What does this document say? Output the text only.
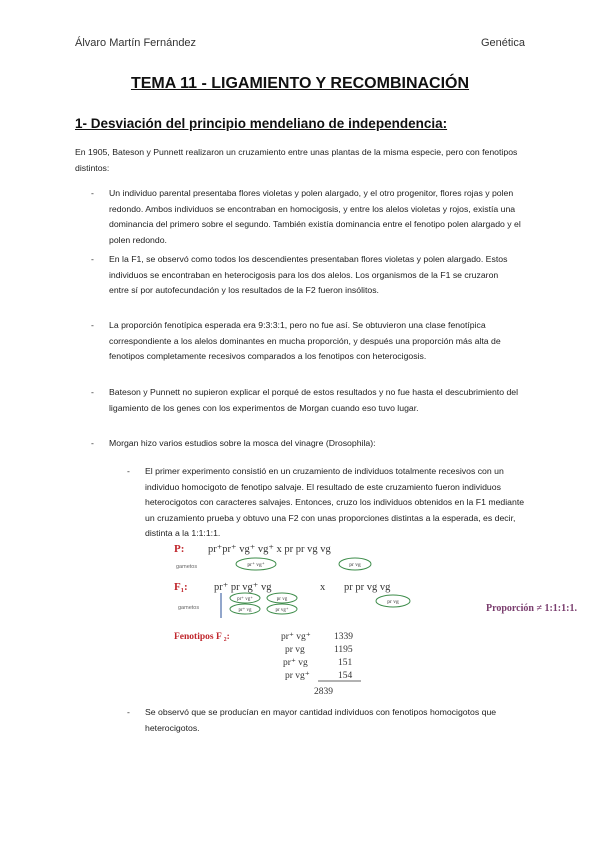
Álvaro Martín Fernández	Genética
TEMA 11 - LIGAMIENTO Y RECOMBINACIÓN
1- Desviación del principio mendeliano de independencia:
En 1905, Bateson y Punnett realizaron un cruzamiento entre unas plantas de la misma especie, pero con fenotipos distintos:
- Un individuo parental presentaba flores violetas y polen alargado, y el otro progenitor, flores rojas y polen redondo. Ambos individuos se encontraban en homocigosis, y entre los alelos violetas y rojos, existía una dominancia del primero sobre el segundo. También existía dominancia entre el fenotipo polen alargado y el polen redondo.
- En la F1, se observó como todos los descendientes presentaban flores violetas y polen alargado. Estos individuos se encontraban en heterocigosis para los dos alelos. Los organismos de la F1 se cruzaron entre sí por autofecundación y los resultados de la F2 fueron insólitos.
- La proporción fenotípica esperada era 9:3:3:1, pero no fue así. Se obtuvieron una clase fenotípica correspondiente a los alelos dominantes en mucha proporción, y después una proporción más alta de fenotipos completamente recesivos comparados a los fenotipos con heterocigosis.
- Bateson y Punnett no supieron explicar el porqué de estos resultados y no fue hasta el descubrimiento del ligamiento de los genes con los experimentos de Morgan cuando eso tuvo lugar.
- Morgan hizo varios estudios sobre la mosca del vinagre (Drosophila):
- El primer experimento consistió en un cruzamiento de individuos totalmente recesivos con un individuo homocigoto de fenotipo salvaje. El resultado de este cruzamiento fueron individuos heterocigotos con caracteres salvajes. Entonces, cruzo los individuos obtenidos en la F1 mediante un cruzamiento prueba y obtuvo una F2 con unas proporciones distintas a la esperada, es decir, distinta a la 1:1:1:1.
P: pr⁺pr⁺ vg⁺ vg⁺ x pr pr vg vg
gametos	pr⁺ vg⁺	pr vg
F₁:	pr⁺ pr vg⁺ vg	x pr pr vg vg
gametos
pr⁺ vg⁺	pr vg
pr⁺ vg	pr vg⁺
pr vg
Proporción ≠ 1:1:1:1.
Fenotipos F ₂:	pr⁺ vg⁺ 1339
pr vg	1195
pr⁺ vg	151
pr vg⁺	154
2839
- Se observó que se producían en mayor cantidad individuos con fenotipos homocigotos que heterocigotos.
